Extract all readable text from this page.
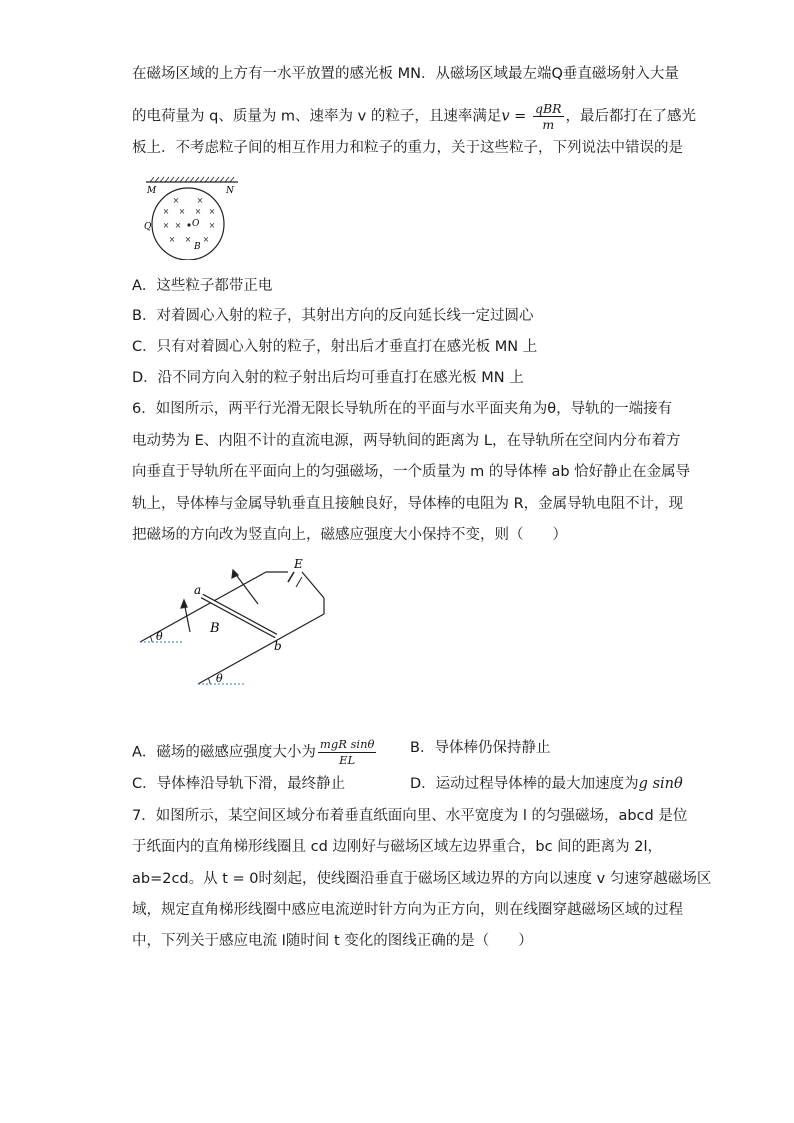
在磁场区域的上方有一水平放置的感光板 MN．从磁场区域最左端Q垂直磁场射入大量
的电荷量为 q、质量为 m、速率为 v 的粒子，且速率满足$v = \frac{\text{qBR}}{m}$ ，最后都打在了感光
板上．不考虑粒子间的相互作用力和粒子的重力，关于这些粒子，下列说法中错误的是
M	N
× ×
× × × ×
× ×	×
× × ×
O
B
Q
A．这些粒子都带正电
B．对着圆心入射的粒子，其射出方向的反向延长线一定过圆心
C．只有对着圆心入射的粒子，射出后才垂直打在感光板 MN 上
D．沿不同方向入射的粒子射出后均可垂直打在感光板 MN 上
6．如图所示，两平行光滑无限长导轨所在的平面与水平面夹角为θ，导轨的一端接有
电动势为 E、内阻不计的直流电源，两导轨间的距离为 L，在导轨所在空间内分布着方
向垂直于导轨所在平面向上的匀强磁场，一个质量为 m 的导体棒 ab 恰好静止在金属导
轨上，导体棒与金属导轨垂直且接触良好，导体棒的电阻为 R，金属导轨电阻不计，现
把磁场的方向改为竖直向上，磁感应强度大小保持不变，则（　　）
θ
θ
a
b
B
E
A．磁场的磁感应强度大小为 $\frac{\text{mgR sinθ}}{EL}$ B．导体棒仍保持静止
C．导体棒沿导轨下滑，最终静止	D．运动过程导体棒的最大加速度为g sinθ
7．如图所示，某空间区域分布着垂直纸面向里、水平宽度为 l 的匀强磁场，abcd 是位
于纸面内的直角梯形线圈且 cd 边刚好与磁场区域左边界重合，bc 间的距离为 2l，
ab=2cd。从 t = 0时刻起，使线圈沿垂直于磁场区域边界的方向以速度 v 匀速穿越磁场区
域，规定直角梯形线圈中感应电流逆时针方向为正方向，则在线圈穿越磁场区域的过程
中，下列关于感应电流 I随时间 t 变化的图线正确的是（　　）
